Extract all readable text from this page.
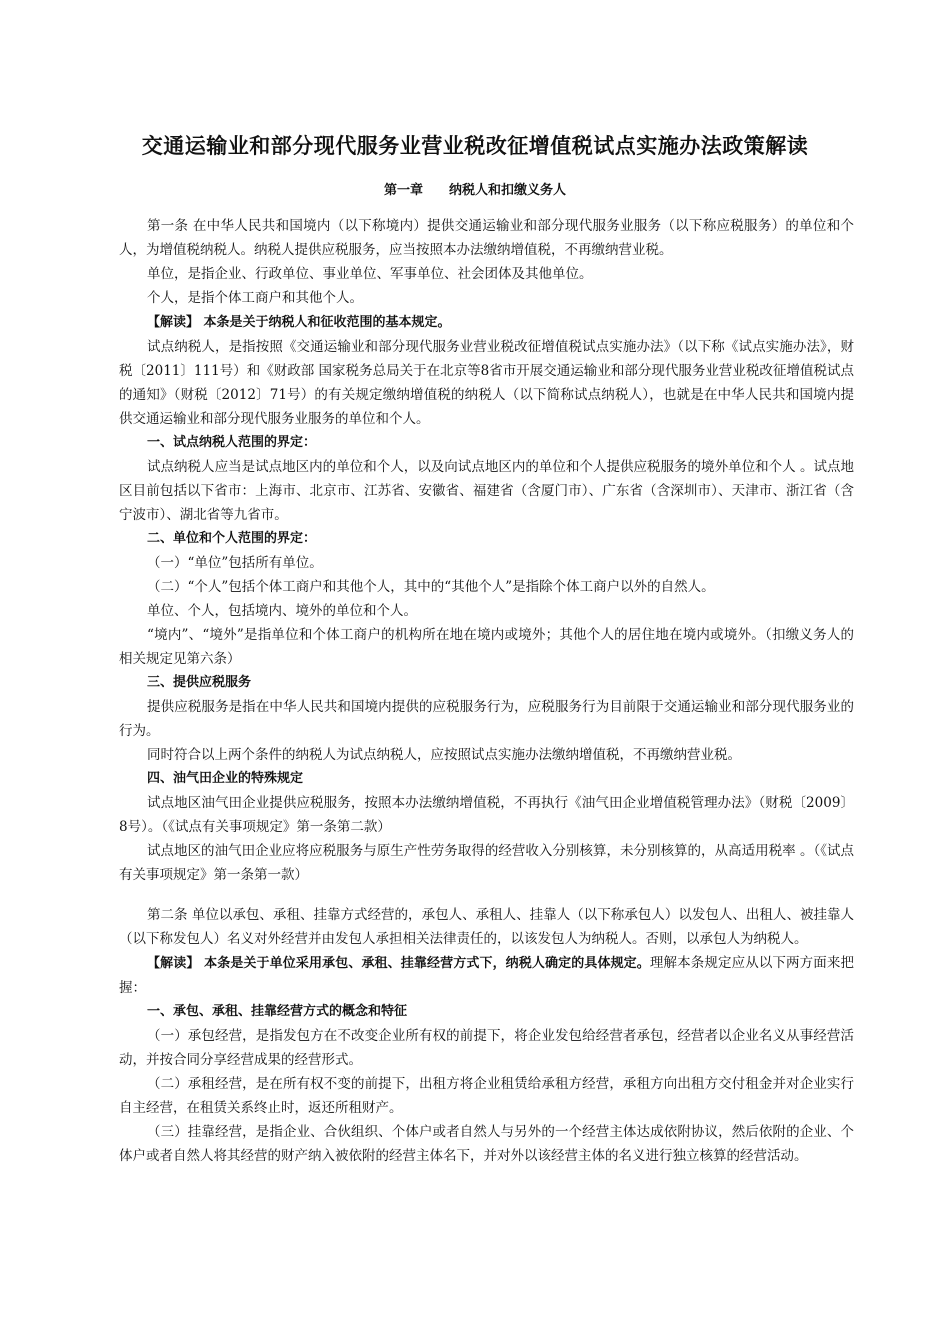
交通运输业和部分现代服务业营业税改征增值税试点实施办法政策解读
第一章 纳税人和扣缴义务人

第一条 在中华人民共和国境内（以下称境内）提供交通运输业和部分现代服务业服务（以下称应税服务）的单位和个人，为增值税纳税人。纳税人提供应税服务，应当按照本办法缴纳增值税，不再缴纳营业税。

单位，是指企业、行政单位、事业单位、军事单位、社会团体及其他单位。

个人，是指个体工商户和其他个人。

【解读】 本条是关于纳税人和征收范围的基本规定。

试点纳税人，是指按照《交通运输业和部分现代服务业营业税改征增值税试点实施办法》（以下称《试点实施办法》，财税〔2011〕111号）和《财政部 国家税务总局关于在北京等8省市开展交通运输业和部分现代服务业营业税改征增值税试点的通知》（财税〔2012〕71号）的有关规定缴纳增值税的纳税人（以下简称试点纳税人），也就是在中华人民共和国境内提供交通运输业和部分现代服务业服务的单位和个人。

一、试点纳税人范围的界定：

试点纳税人应当是试点地区内的单位和个人，以及向试点地区内的单位和个人提供应税服务的境外单位和个人 。试点地区目前包括以下省市：上海市、北京市、江苏省、安徽省、福建省（含厦门市）、广东省（含深圳市）、天津市、浙江省（含宁波市）、湖北省等九省市。

二、单位和个人范围的界定：

（一）“单位”包括所有单位。

（二）“个人”包括个体工商户和其他个人，其中的“其他个人”是指除个体工商户以外的自然人。

单位、个人，包括境内、境外的单位和个人。

“境内”、“境外”是指单位和个体工商户的机构所在地在境内或境外；其他个人的居住地在境内或境外。（扣缴义务人的相关规定见第六条）

三、提供应税服务

提供应税服务是指在中华人民共和国境内提供的应税服务行为，应税服务行为目前限于交通运输业和部分现代服务业的行为。

同时符合以上两个条件的纳税人为试点纳税人，应按照试点实施办法缴纳增值税，不再缴纳营业税。

四、油气田企业的特殊规定

试点地区油气田企业提供应税服务，按照本办法缴纳增值税，不再执行《油气田企业增值税管理办法》（财税〔2009〕8号）。（《试点有关事项规定》第一条第二款）

试点地区的油气田企业应将应税服务与原生产性劳务取得的经营收入分别核算，未分别核算的，从高适用税率 。（《试点有关事项规定》第一条第一款）

第二条 单位以承包、承租、挂靠方式经营的，承包人、承租人、挂靠人（以下称承包人）以发包人、出租人、被挂靠人（以下称发包人）名义对外经营并由发包人承担相关法律责任的，以该发包人为纳税人。否则，以承包人为纳税人。

【解读】 本条是关于单位采用承包、承租、挂靠经营方式下，纳税人确定的具体规定。理解本条规定应从以下两方面来把握：

一、承包、承租、挂靠经营方式的概念和特征

（一）承包经营，是指发包方在不改变企业所有权的前提下，将企业发包给经营者承包，经营者以企业名义从事经营活动，并按合同分享经营成果的经营形式。

（二）承租经营，是在所有权不变的前提下，出租方将企业租赁给承租方经营，承租方向出租方交付租金并对企业实行自主经营，在租赁关系终止时，返还所租财产。

（三）挂靠经营，是指企业、合伙组织、个体户或者自然人与另外的一个经营主体达成依附协议，然后依附的企业、个体户或者自然人将其经营的财产纳入被依附的经营主体名下，并对外以该经营主体的名义进行独立核算的经营活动。
